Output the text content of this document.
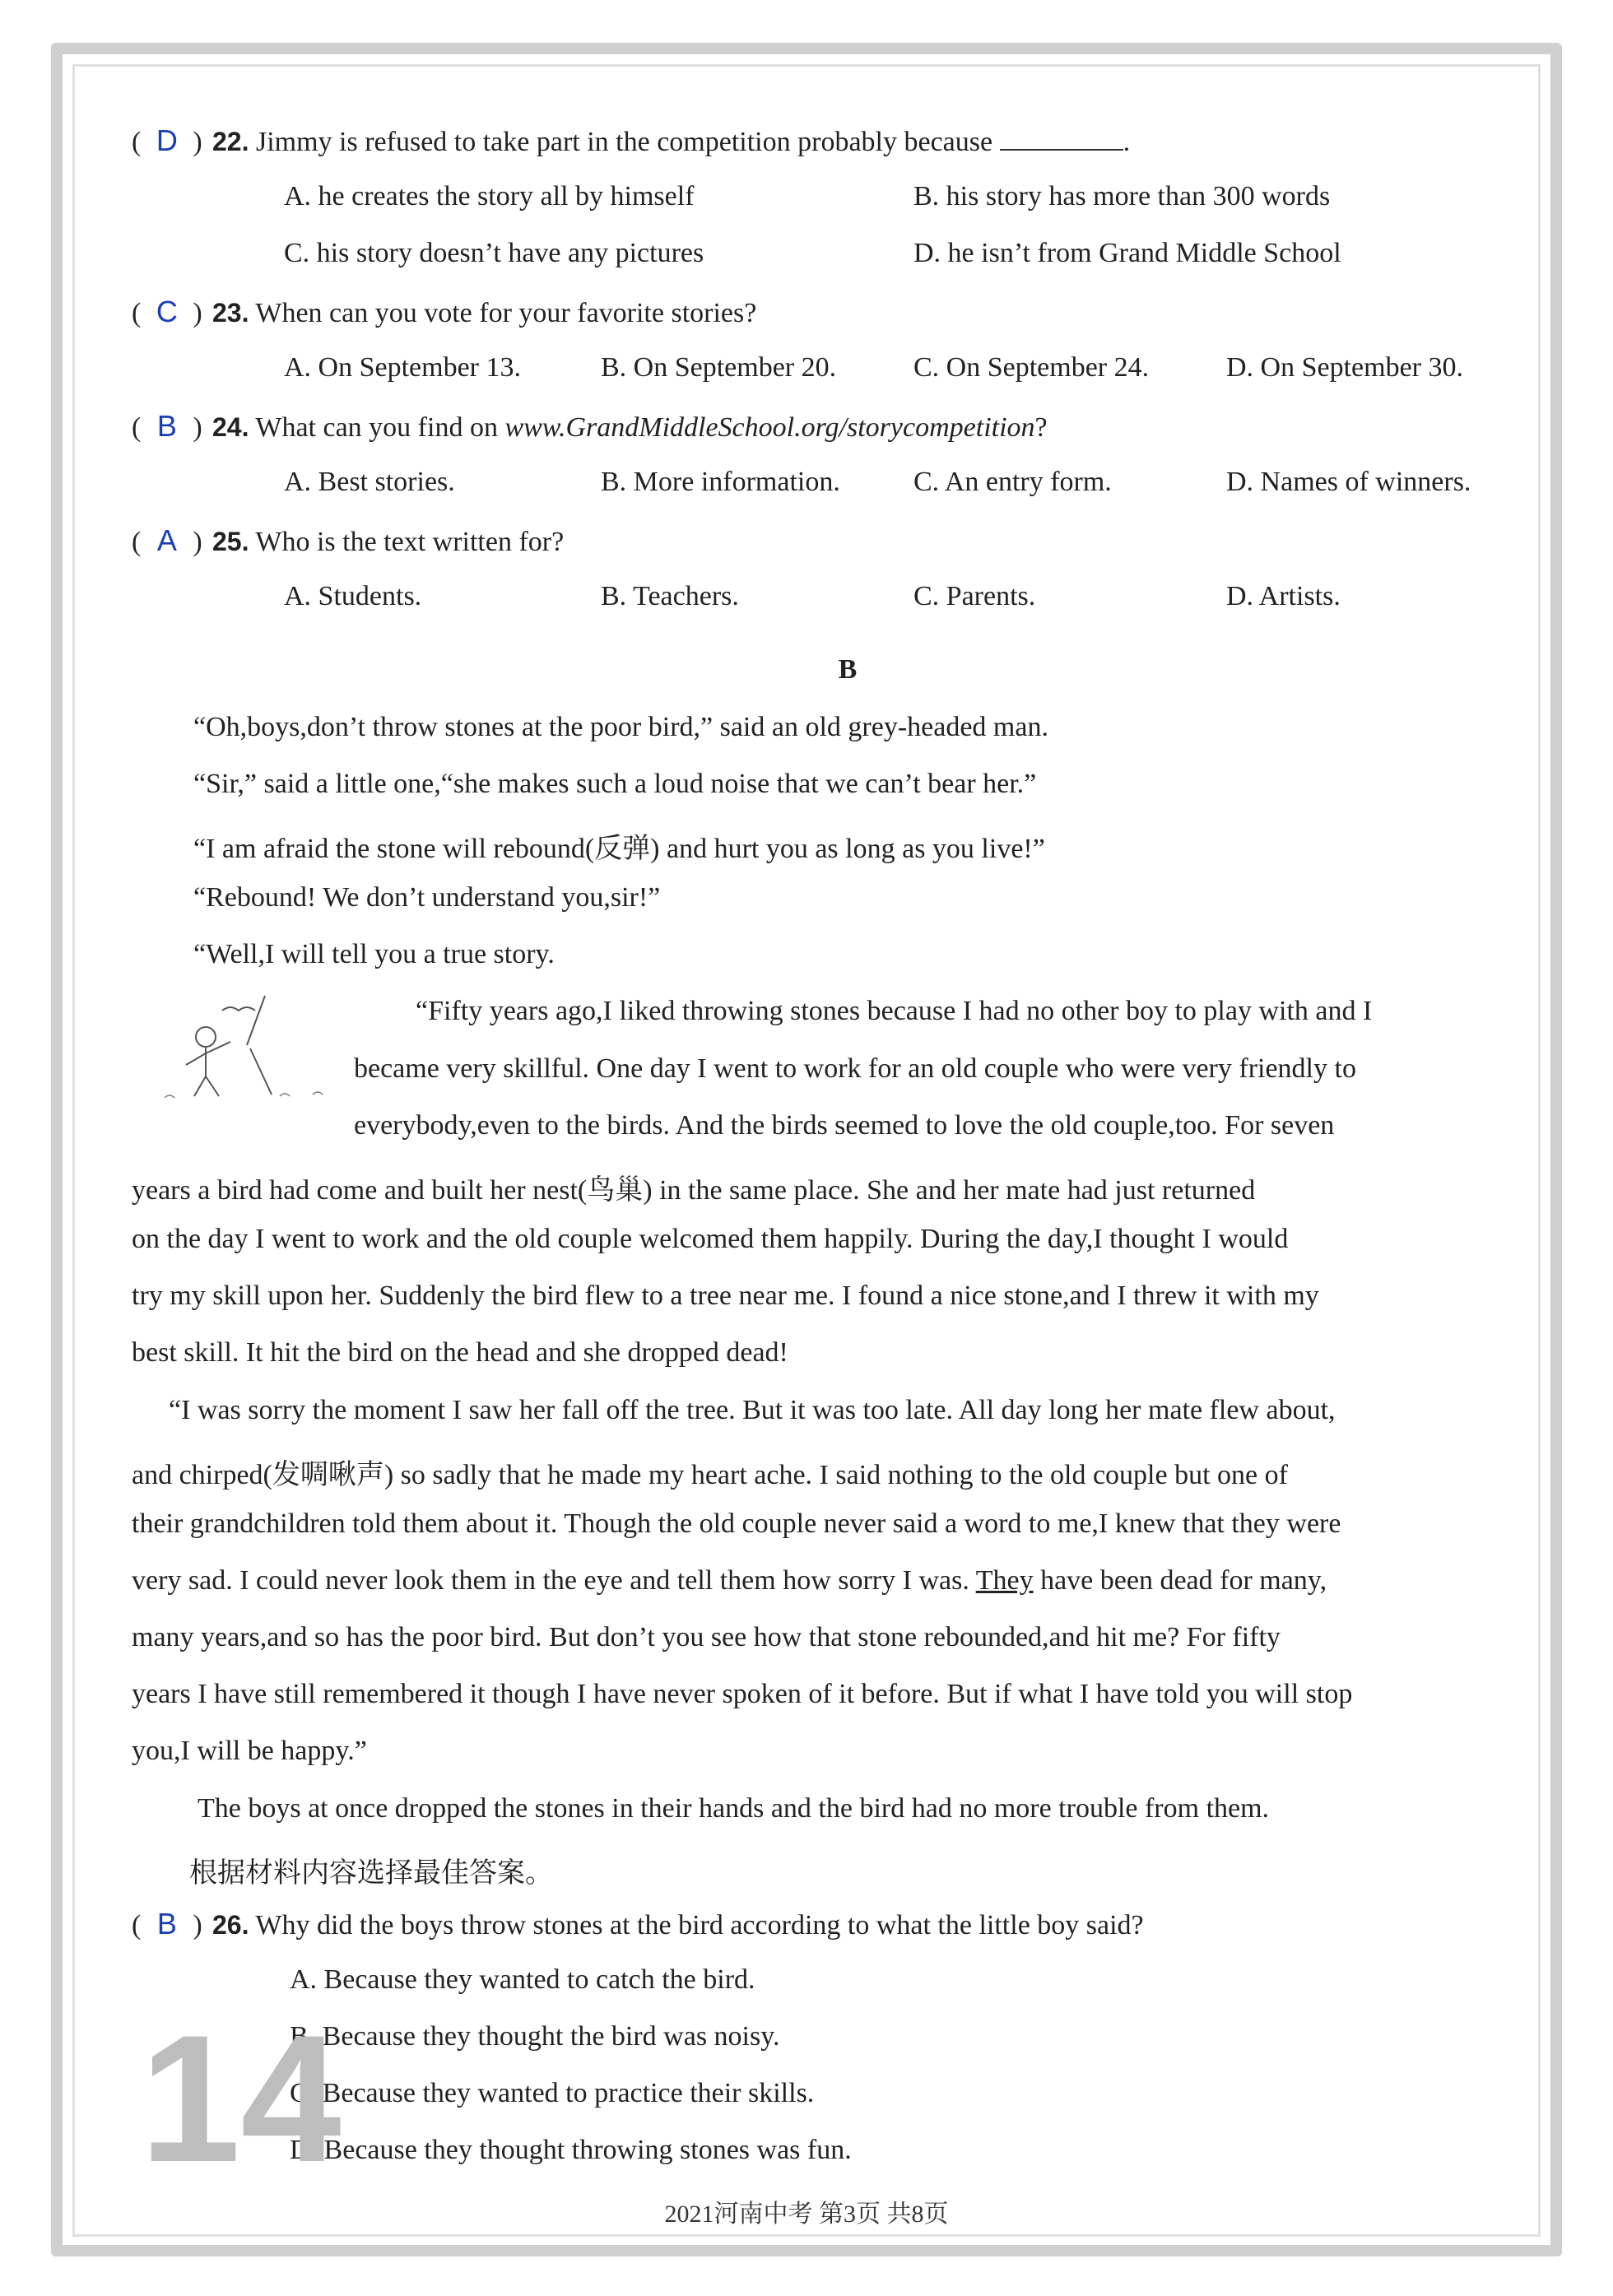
( D ) 22. Jimmy is refused to take part in the competition probably because	.
A. he creates the story all by himself	B. his story has more than 300 words
C. his story doesn’t have any pictures	D. he isn’t from Grand Middle School
( C ) 23. When can you vote for your favorite stories?
A. On September 13.	B. On September 20.	C. On September 24.	D. On September 30.
( B ) 24. What can you find on www.GrandMiddleSchool.org/storycompetition?
A. Best stories.	B. More information.	C. An entry form.	D. Names of winners.
( A ) 25. Who is the text written for?
A. Students.	B. Teachers.	C. Parents.	D. Artists.
B
“Oh,boys,don’t throw stones at the poor bird,” said an old grey-headed man.
“Sir,” said a little one,“she makes such a loud noise that we can’t bear her.”
“I am afraid the stone will rebound(反弹) and hurt you as long as you live!”
“Rebound! We don’t understand you,sir!”
“Well,I will tell you a true story.
“Fifty years ago,I liked throwing stones because I had no other boy to play with and I
became very skillful. One day I went to work for an old couple who were very friendly to
everybody,even to the birds. And the birds seemed to love the old couple,too. For seven
years a bird had come and built her nest(鸟巢) in the same place. She and her mate had just returned
on the day I went to work and the old couple welcomed them happily. During the day,I thought I would
try my skill upon her. Suddenly the bird flew to a tree near me. I found a nice stone,and I threw it with my
best skill. It hit the bird on the head and she dropped dead!
“I was sorry the moment I saw her fall off the tree. But it was too late. All day long her mate flew about,
and chirped(发啁啾声) so sadly that he made my heart ache. I said nothing to the old couple but one of
their grandchildren told them about it. Though the old couple never said a word to me,I knew that they were
very sad. I could never look them in the eye and tell them how sorry I was. They have been dead for many,
many years,and so has the poor bird. But don’t you see how that stone rebounded,and hit me? For fifty
years I have still remembered it though I have never spoken of it before. But if what I have told you will stop
you,I will be happy.”
The boys at once dropped the stones in their hands and the bird had no more trouble from them.
根据材料内容选择最佳答案。
( B ) 26. Why did the boys throw stones at the bird according to what the little boy said?
A. Because they wanted to catch the bird.
B. Because they thought the bird was noisy.
C. Because they wanted to practice their skills.
D. Because they thought throwing stones was fun.
14
2021河南中考 第3页 共8页
